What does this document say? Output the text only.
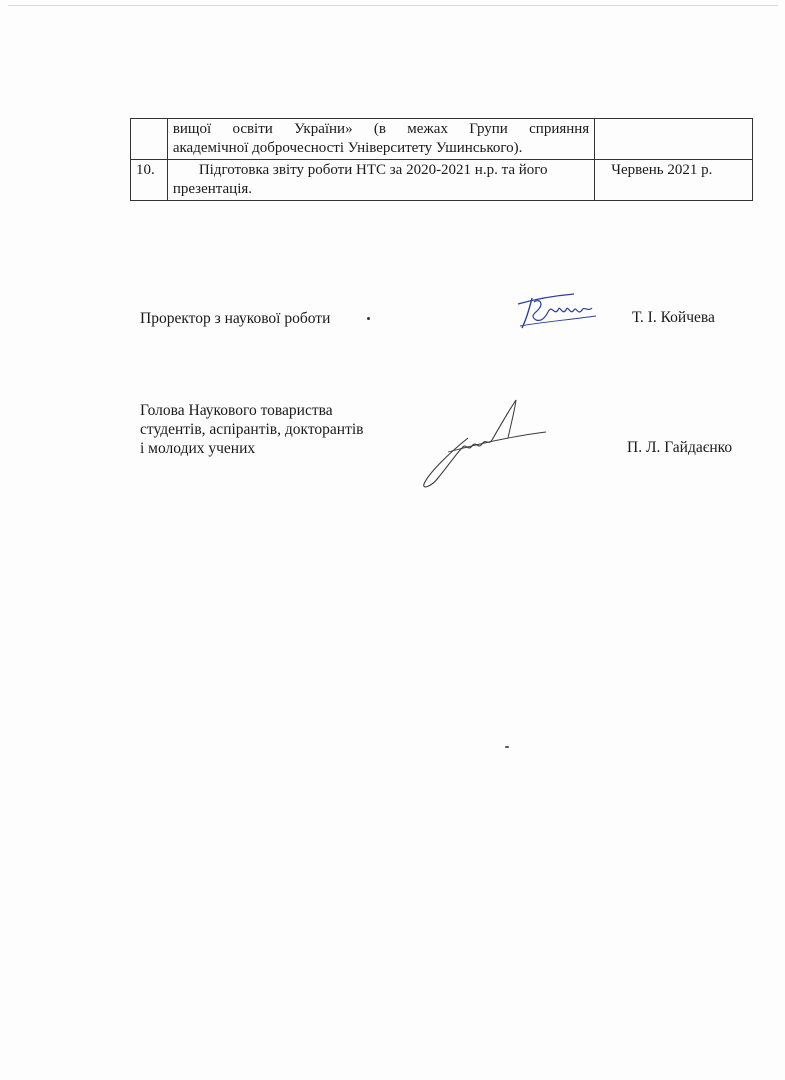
	вищої освіти України» (в межах Групи сприяння
академічної доброчесності Університету Ушинського).	
10.	Підготовка звіту роботи НТС за 2020-2021 н.р. та його
презентація.	Червень 2021 р.
Проректор з наукової роботи	Т. І. Койчева
Голова Наукового товариства
студентів, аспірантів, докторантів
і молодих учених	П. Л. Гайдаєнко
